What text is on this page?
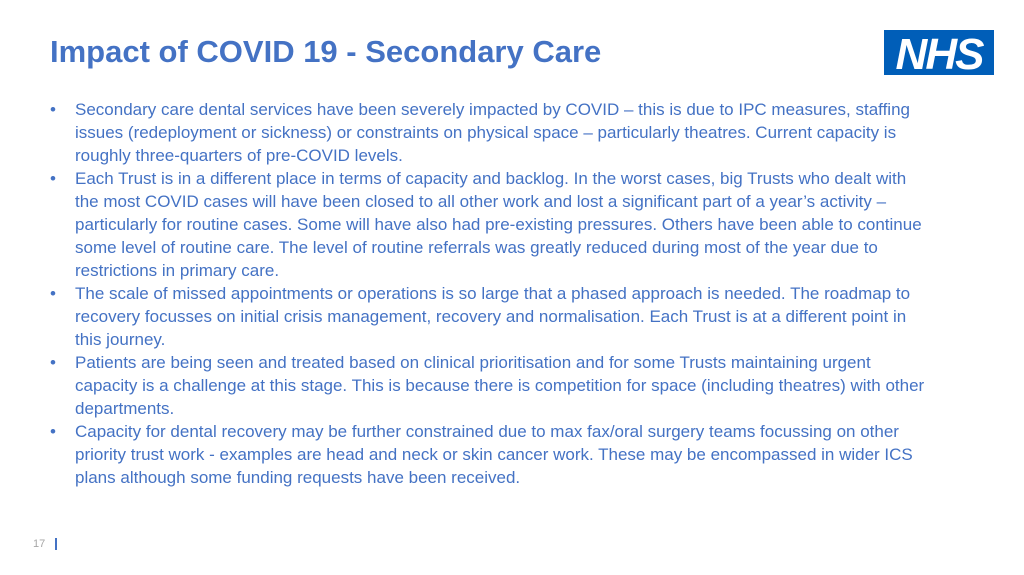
Impact of COVID 19 - Secondary Care	NHS
• Secondary care dental services have been severely impacted by COVID – this is due to IPC measures, staffing issues (redeployment or sickness) or constraints on physical space – particularly theatres. Current capacity is roughly three-quarters of pre-COVID levels.
• Each Trust is in a different place in terms of capacity and backlog. In the worst cases, big Trusts who dealt with the most COVID cases will have been closed to all other work and lost a significant part of a year’s activity – particularly for routine cases. Some will have also had pre-existing pressures. Others have been able to continue some level of routine care. The level of routine referrals was greatly reduced during most of the year due to restrictions in primary care.
• The scale of missed appointments or operations is so large that a phased approach is needed. The roadmap to recovery focusses on initial crisis management, recovery and normalisation. Each Trust is at a different point in this journey.
• Patients are being seen and treated based on clinical prioritisation and for some Trusts maintaining urgent capacity is a challenge at this stage. This is because there is competition for space (including theatres) with other departments.
• Capacity for dental recovery may be further constrained due to max fax/oral surgery teams focussing on other priority trust work - examples are head and neck or skin cancer work. These may be encompassed in wider ICS plans although some funding requests have been received.
17
